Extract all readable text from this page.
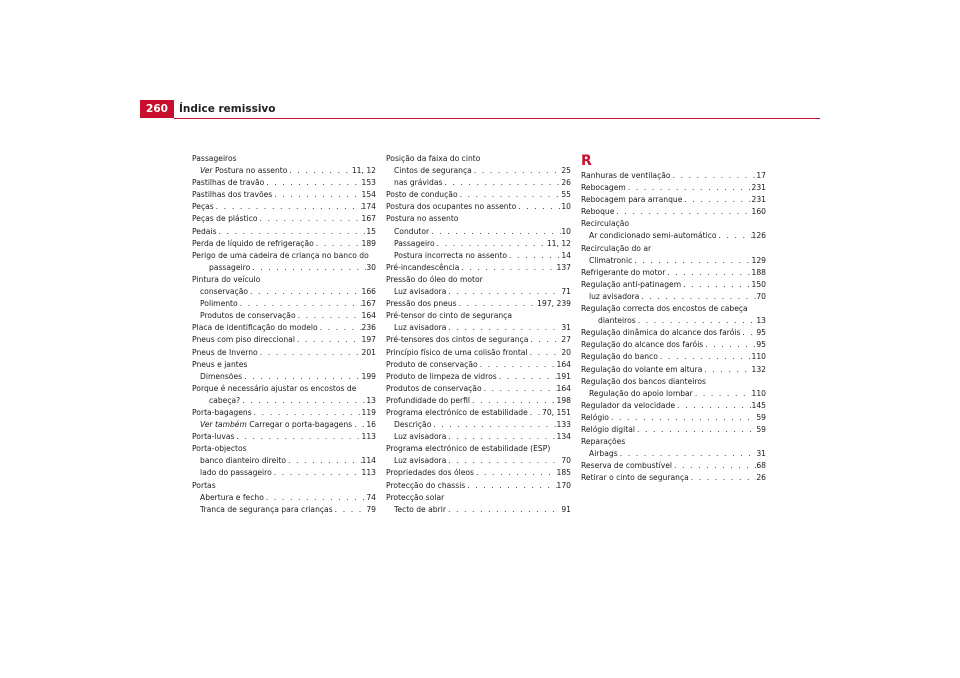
260	Índice remissivo
Passageiros
Ver Postura no assento . . .	11, 12
Pastilhas de travão . . .	153
Pastilhas dos travões . . .	154
Peças . . .	174
Peças de plástico . . .	167
Pedais . . .	15
Perda de líquido de refrigeração . . .	189
Perigo de uma cadeira de criança no banco do
passageiro . . .	30
Pintura do veículo
conservação . . .	166
Polimento . . .	167
Produtos de conservação . . .	164
Placa de identificação do modelo . . .	236
Pneus com piso direccional . . .	197
Pneus de Inverno . . .	201
Pneus e jantes
Dimensões . . .	199
Porque é necessário ajustar os encostos de
cabeça? . . .	13
Porta-bagagens . . .	119
Ver também Carregar o porta-bagagens . . . 16
Porta-luvas . . .	113
Porta-objectos
banco dianteiro direito . . .	114
lado do passageiro . . .	113
Portas
Abertura e fecho . . .	74
Tranca de segurança para crianças . . .	79
Posição da faixa do cinto
Cintos de segurança . . .	25
nas grávidas . . .	26
Posto de condução . . .	55
Postura dos ocupantes no assento . . .	10
Postura no assento
Condutor . . .	10
Passageiro . . .	11, 12
Postura incorrecta no assento . . .	14
Pré-incandescência . . .	137
Pressão do óleo do motor
Luz avisadora . . .	71
Pressão dos pneus . . .	197, 239
Pré-tensor do cinto de segurança
Luz avisadora . . .	31
Pré-tensores dos cintos de segurança . . .	27
Princípio físico de uma colisão frontal . . .	20
Produto de conservação . . .	164
Produto de limpeza de vidros . . .	191
Produtos de conservação . . .	164
Profundidade do perfil . . .	198
Programa electrónico de estabilidade . . . 70, 151
Descrição . . .	133
Luz avisadora . . .	134
Programa electrónico de estabilidade (ESP)
Luz avisadora . . .	70
Propriedades dos óleos . . .	185
Protecção do chassis . . .	170
Protecção solar
Tecto de abrir . . .	91
R
Ranhuras de ventilação . . .	17
Rebocagem . . .	231
Rebocagem para arranque . . .	231
Reboque . . .	160
Recirculação
Ar condicionado semi-automático . . .	126
Recirculação do ar
Climatronic . . .	129
Refrigerante do motor . . .	188
Regulação anti-patinagem . . .	150
luz avisadora . . .	70
Regulação correcta dos encostos de cabeça
dianteiros . . .	13
Regulação dinâmica do alcance dos faróis . . . 95
Regulação do alcance dos faróis . . .	95
Regulação do banco . . .	110
Regulação do volante em altura . . .	132
Regulação dos bancos dianteiros
Regulação do apoio lombar . . .	110
Regulador da velocidade . . .	145
Relógio . . .	59
Relógio digital . . .	59
Reparações
Airbags . . .	31
Reserva de combustível . . .	68
Retirar o cinto de segurança . . .	26
